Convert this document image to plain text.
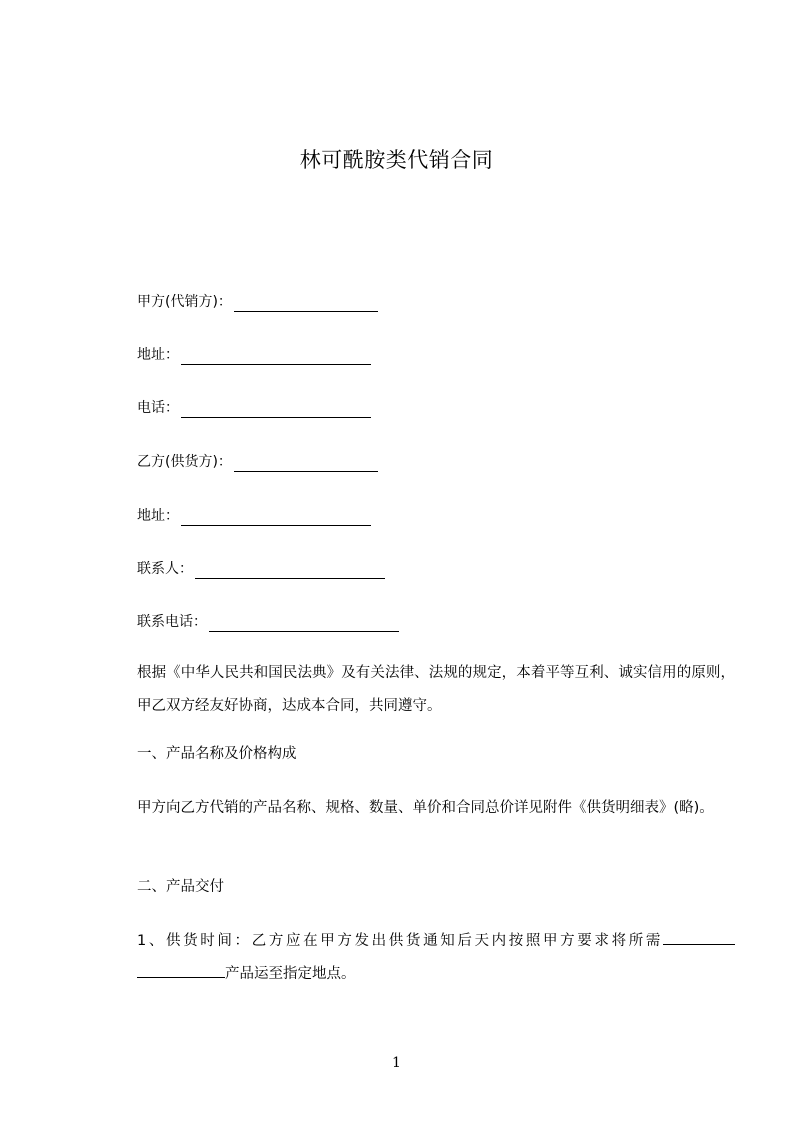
林可酰胺类代销合同
甲方(代销方)：
地址：
电话：
乙方(供货方)：
地址：
联系人：
联系电话：
根据《中华人民共和国民法典》及有关法律、法规的规定，本着平等互利、诚实信用的原则，甲乙双方经友好协商，达成本合同，共同遵守。
一、产品名称及价格构成
甲方向乙方代销的产品名称、规格、数量、单价和合同总价详见附件《供货明细表》(略)。
二、产品交付
1、供货时间：乙方应在甲方发出供货通知后天内按照甲方要求将所需产品运至指定地点。
1
